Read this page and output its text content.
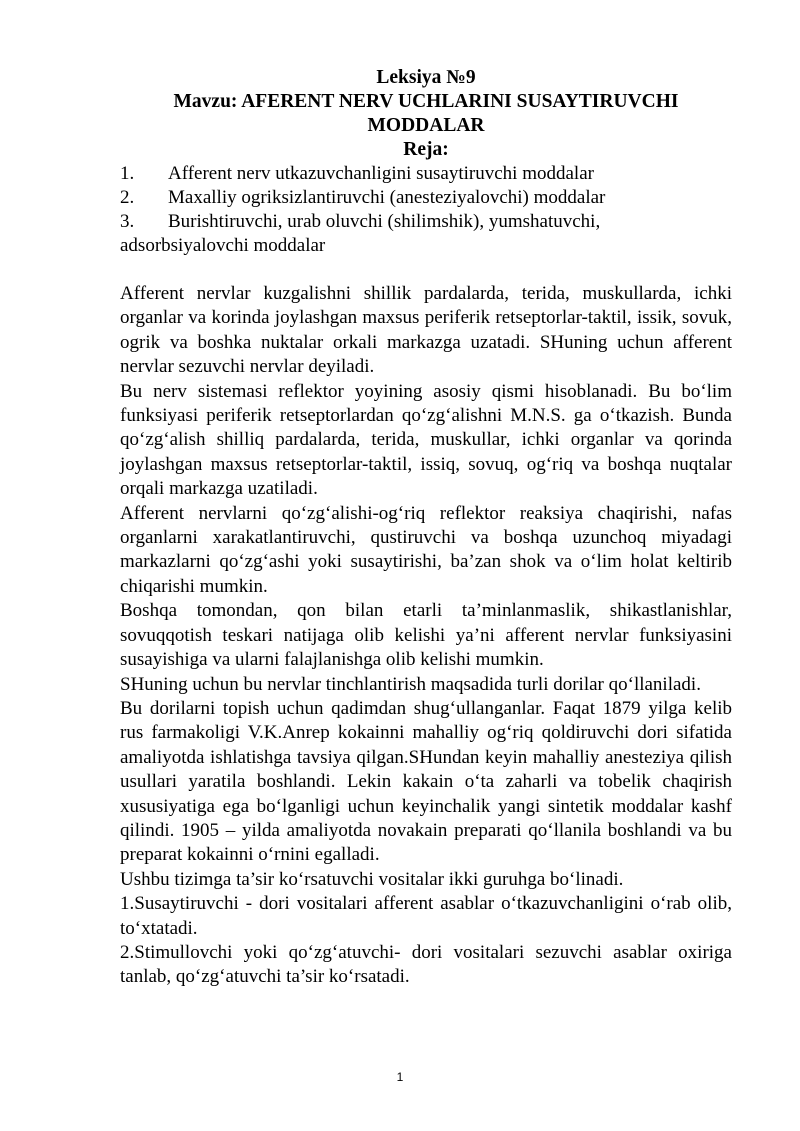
Leksiya №9

Mavzu: AFERENT NERV UCHLARINI SUSAYTIRUVCHI MODDALAR

Reja:

1.	Afferent nerv utkazuvchanligini susaytiruvchi moddalar
2.	Maxalliy ogriksizlantiruvchi (anesteziyalovchi) moddalar
3.	Burishtiruvchi, urab oluvchi (shilimshik), yumshatuvchi,
adsorbsiyalovchi moddalar

Afferent nervlar kuzgalishni shillik pardalarda, terida, muskullarda, ichki organlar va korinda joylashgan maxsus periferik retseptorlar-taktil, issik, sovuk, ogrik va boshka nuktalar orkali markazga uzatadi. SHuning uchun afferent nervlar sezuvchi nervlar deyiladi.

Bu nerv sistemasi reflektor yoyining asosiy qismi hisoblanadi. Bu bo‘lim funksiyasi periferik retseptorlardan qo‘zg‘alishni M.N.S. ga o‘tkazish. Bunda qo‘zg‘alish shilliq pardalarda, terida, muskullar, ichki organlar va qorinda joylashgan maxsus retseptorlar-taktil, issiq, sovuq, og‘riq va boshqa nuqtalar orqali markazga uzatiladi.

Afferent nervlarni qo‘zg‘alishi-og‘riq reflektor reaksiya chaqirishi, nafas organlarni xarakatlantiruvchi, qustiruvchi va boshqa uzunchoq miyadagi markazlarni qo‘zg‘ashi yoki susaytirishi, ba’zan shok va o‘lim holat keltirib chiqarishi mumkin.

Boshqa tomondan, qon bilan etarli ta’minlanmaslik, shikastlanishlar, sovuqqotish teskari natijaga olib kelishi ya’ni afferent nervlar funksiyasini susayishiga va ularni falajlanishga olib kelishi mumkin.

SHuning uchun bu nervlar tinchlantirish maqsadida turli dorilar qo‘llaniladi.

Bu dorilarni topish uchun qadimdan shug‘ullanganlar. Faqat 1879 yilga kelib rus farmakoligi V.K.Anrep kokainni mahalliy og‘riq qoldiruvchi dori sifatida amaliyotda ishlatishga tavsiya qilgan.SHundan keyin mahalliy anesteziya qilish usullari yaratila boshlandi. Lekin kakain o‘ta zaharli va tobelik chaqirish xususiyatiga ega bo‘lganligi uchun keyinchalik yangi sintetik moddalar kashf qilindi. 1905 – yilda amaliyotda novakain preparati qo‘llanila boshlandi va bu preparat kokainni o‘rnini egalladi.

Ushbu tizimga ta’sir ko‘rsatuvchi vositalar ikki guruhga bo‘linadi.

1.Susaytiruvchi - dori vositalari afferent asablar o‘tkazuvchanligini o‘rab olib, to‘xtatadi.

2.Stimullovchi yoki qo‘zg‘atuvchi- dori vositalari sezuvchi asablar oxiriga tanlab, qo‘zg‘atuvchi ta’sir ko‘rsatadi.

1
